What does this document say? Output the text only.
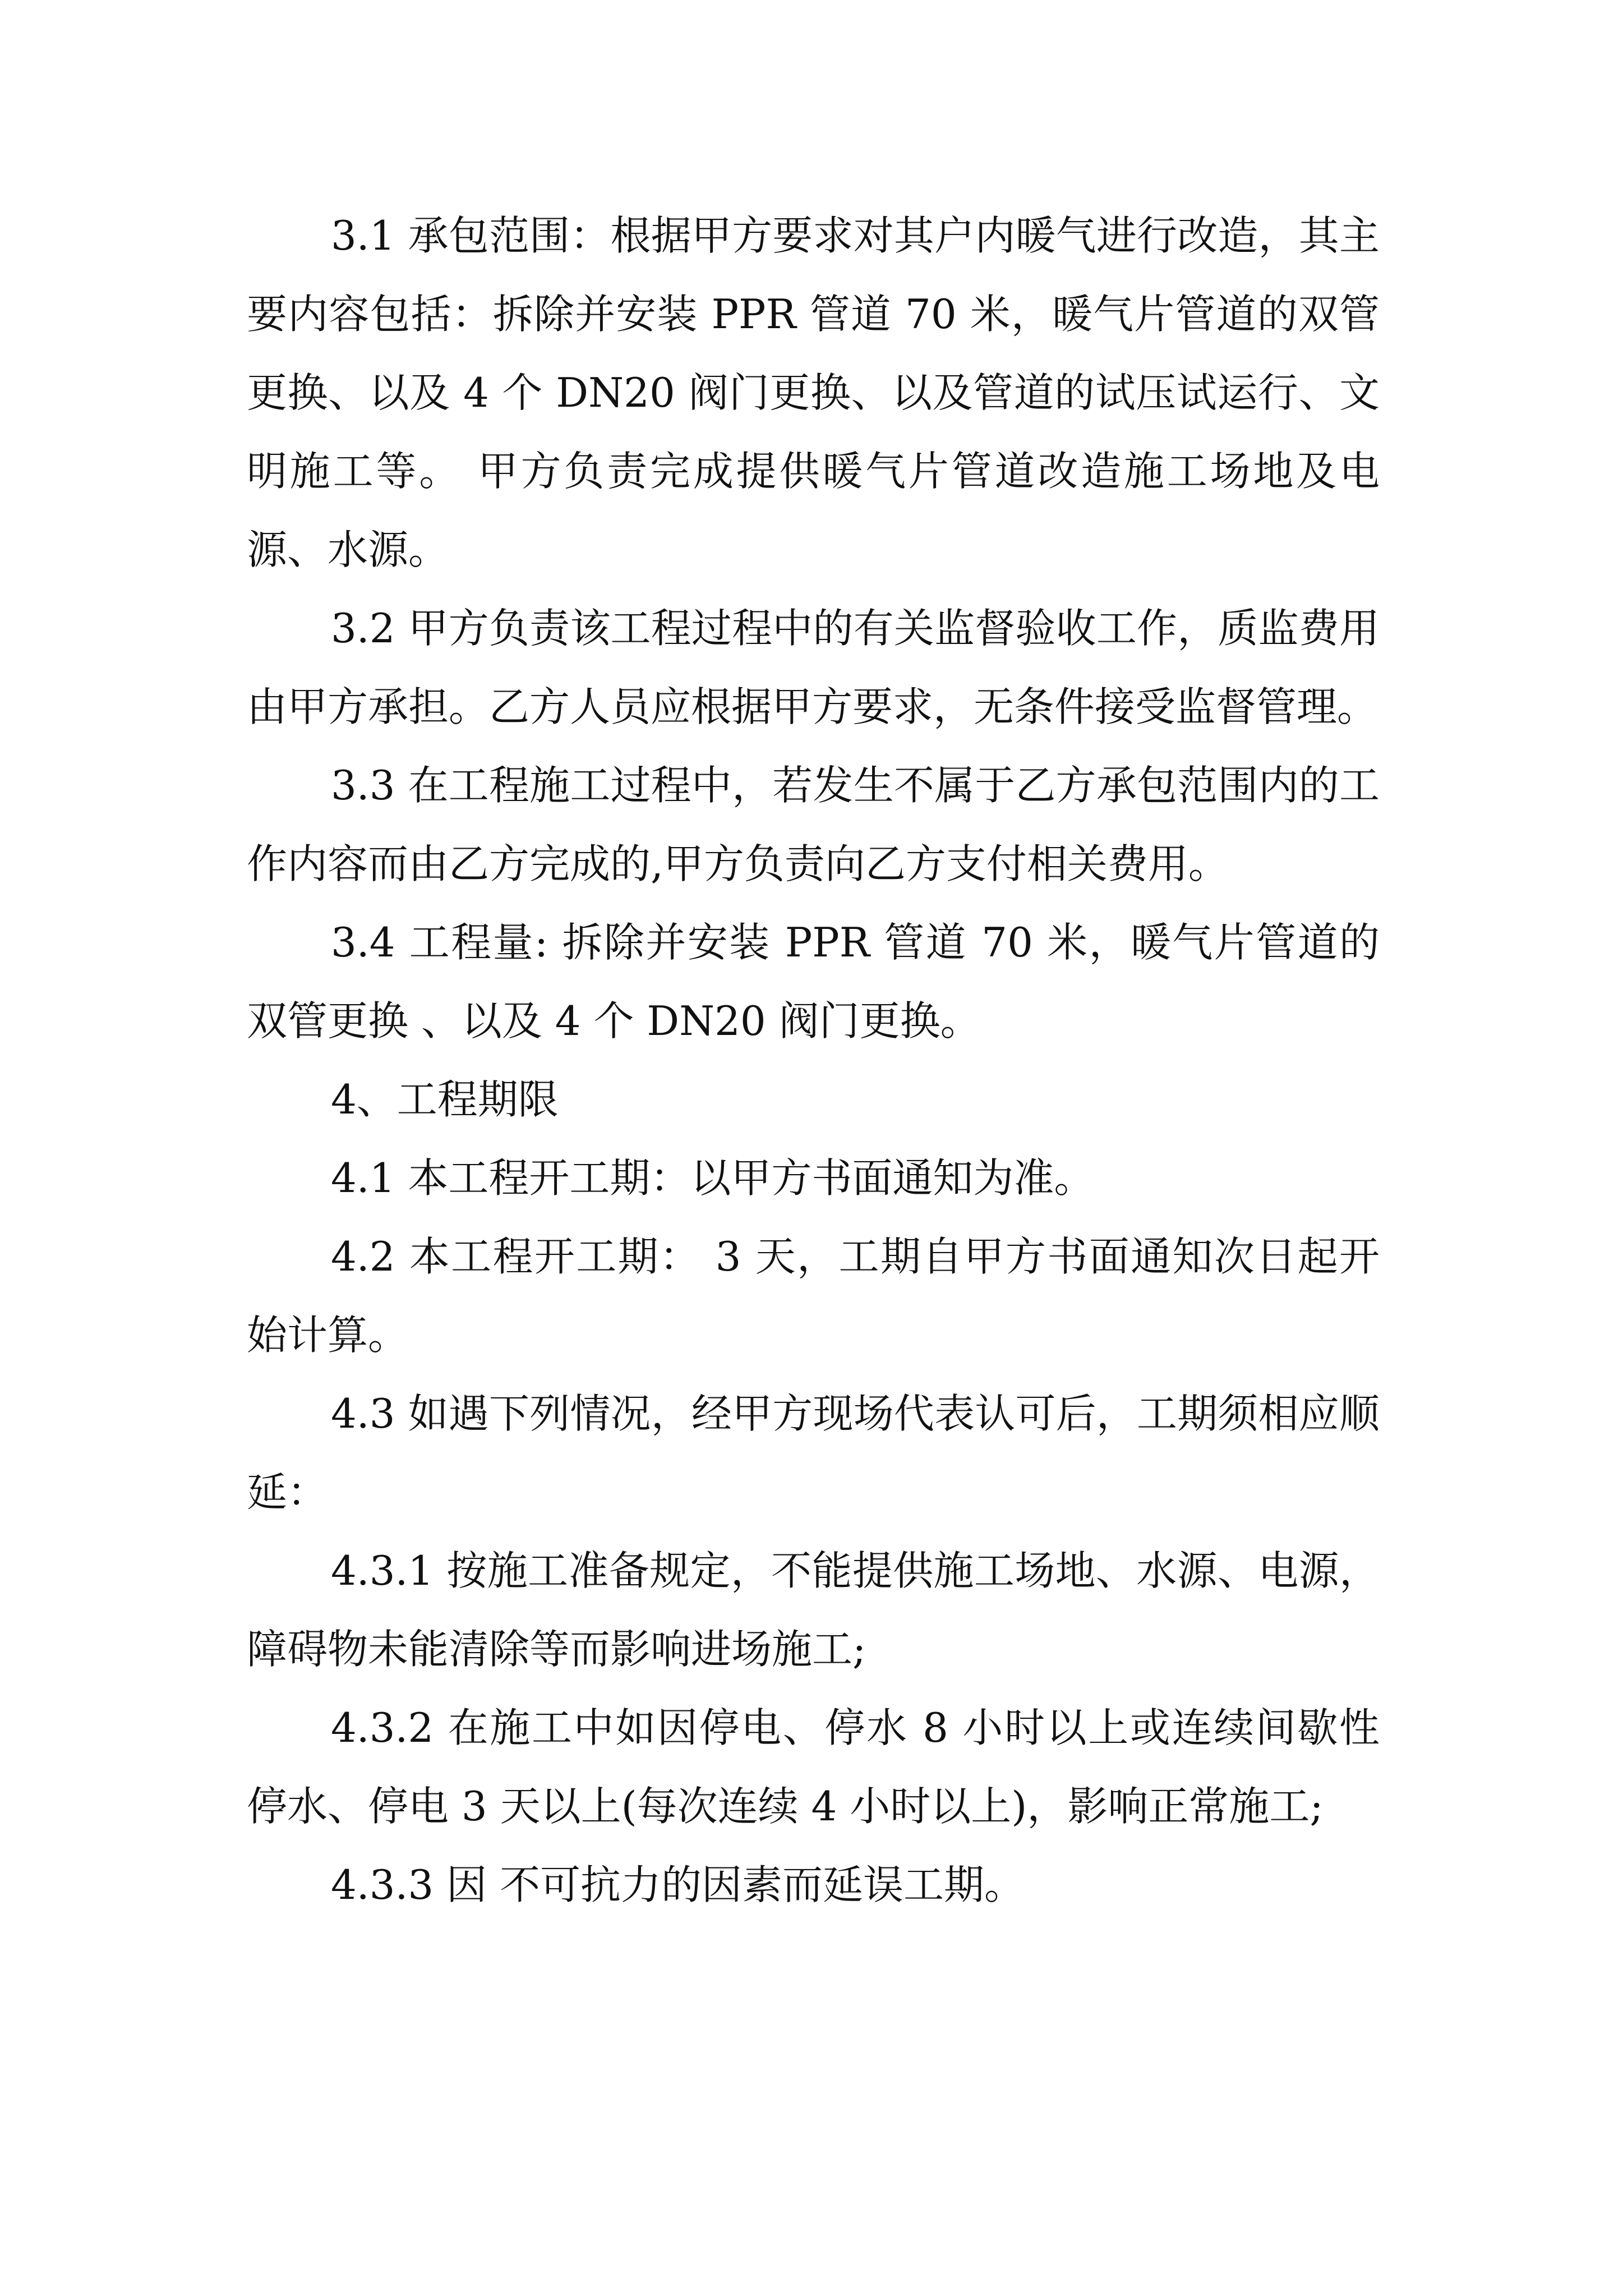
3.1 承包范围：根据甲方要求对其户内暖气进行改造，其主要内容包括：拆除并安装 PPR 管道 70 米，暖气片管道的双管更换、以及 4 个 DN20 阀门更换、以及管道的试压试运行、文明施工等。 甲方负责完成提供暖气片管道改造施工场地及电源、水源。

3.2 甲方负责该工程过程中的有关监督验收工作，质监费用由甲方承担。乙方人员应根据甲方要求，无条件接受监督管理。

3.3 在工程施工过程中，若发生不属于乙方承包范围内的工作内容而由乙方完成的,甲方负责向乙方支付相关费用。

3.4 工程量: 拆除并安装 PPR 管道 70 米，暖气片管道的双管更换 、以及 4 个 DN20 阀门更换。

4、工程期限

4.1 本工程开工期：以甲方书面通知为准。

4.2 本工程开工期： 3 天，工期自甲方书面通知次日起开始计算。

4.3 如遇下列情况，经甲方现场代表认可后，工期须相应顺延：

4.3.1 按施工准备规定，不能提供施工场地、水源、电源，障碍物未能清除等而影响进场施工;

4.3.2 在施工中如因停电、停水 8 小时以上或连续间歇性停水、停电 3 天以上(每次连续 4 小时以上)，影响正常施工;

4.3.3 因 不可抗力的因素而延误工期。
